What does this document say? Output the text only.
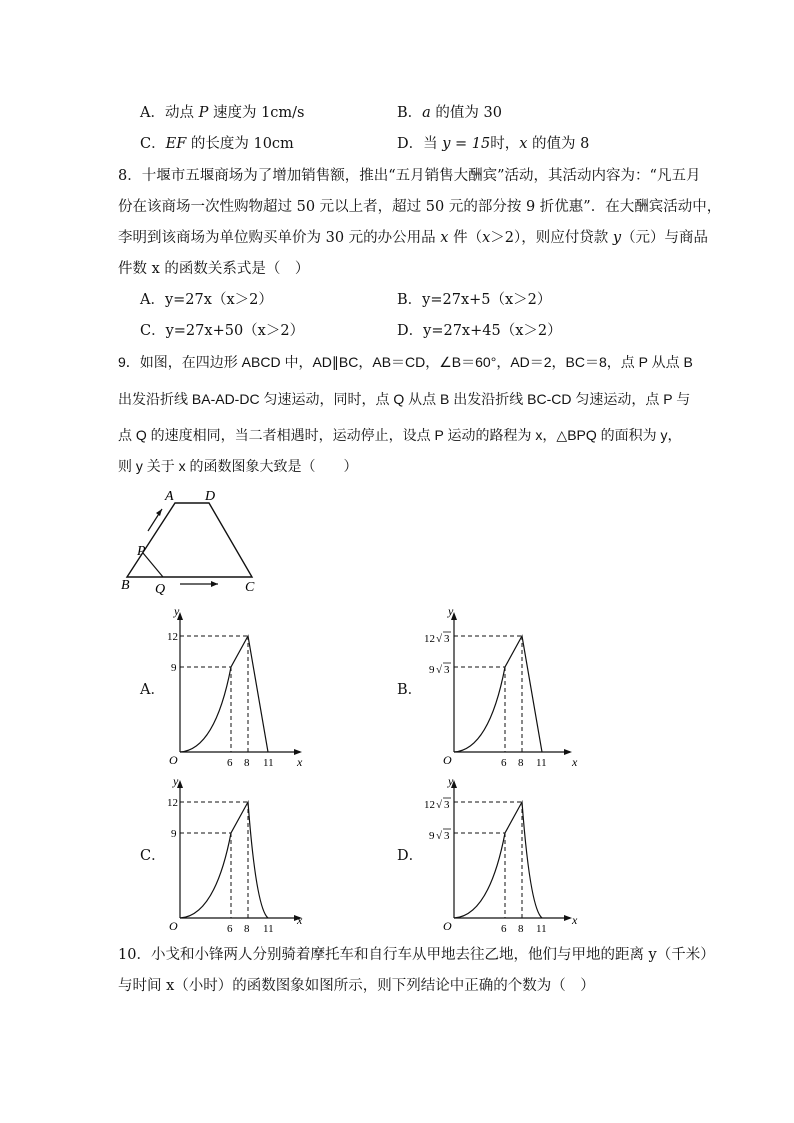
A．动点 P 速度为 1cm/s	B．a 的值为 30
C．EF 的长度为 10cm	D．当 y = 15时，x 的值为 8
8．十堰市五堰商场为了增加销售额，推出“五月销售大酬宾”活动，其活动内容为：“凡五月
份在该商场一次性购物超过 50 元以上者，超过 50 元的部分按 9 折优惠”．在大酬宾活动中，
李明到该商场为单位购买单价为 30 元的办公用品 x 件（x＞2），则应付贷款 y（元）与商品
件数 x 的函数关系式是（　）
A．y=27x（x＞2）	B．y=27x+5（x＞2）
C．y=27x+50（x＞2）	D．y=27x+45（x＞2）
9．如图，在四边形 ABCD 中，AD∥BC，AB＝CD，∠B＝60°，AD＝2，BC＝8，点 P 从点 B
出发沿折线 BA-AD-DC 匀速运动，同时，点 Q 从点 B 出发沿折线 BC-CD 匀速运动，点 P 与
点 Q 的速度相同，当二者相遇时，运动停止，设点 P 运动的路程为 x，△BPQ 的面积为 y，
则 y 关于 x 的函数图象大致是（　　）
A D
P
B Q	C
A．	B．
C．	D．
y
x
O
12
9
6 8 11
y
x
O
12 √ 3
9 √ 3
6 8 11
y
x
O
12
9
6 8 11
y
x
O
12 √ 3
9 √ 3
6 8 11
10．小戈和小锋两人分别骑着摩托车和自行车从甲地去往乙地，他们与甲地的距离 y（千米）
与时间 x（小时）的函数图象如图所示，则下列结论中正确的个数为（　）
